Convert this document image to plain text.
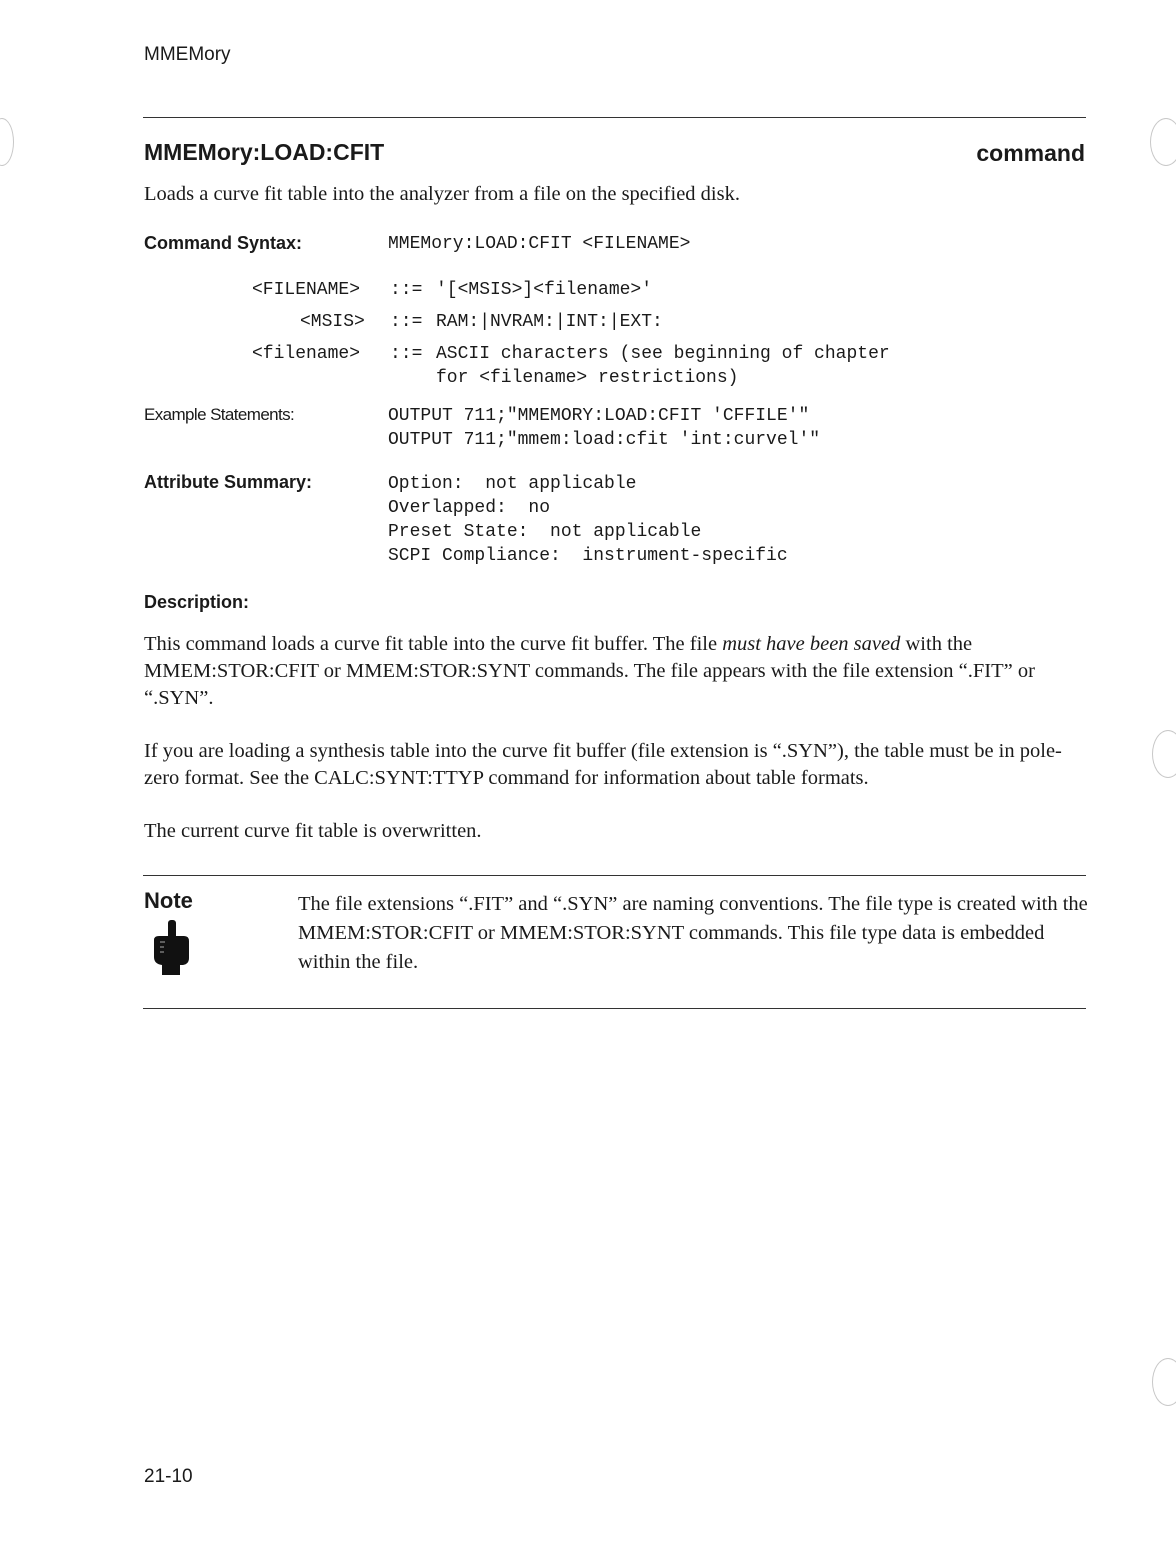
MMEMory
MMEMory:LOAD:CFIT	command
Loads a curve fit table into the analyzer from a file on the specified disk.
Command Syntax:	MMEMory:LOAD:CFIT <FILENAME>
<FILENAME> ::= '[<MSIS>]<filename>'
<MSIS> ::= RAM:|NVRAM:|INT:|EXT:
<filename> ::= ASCII characters (see beginning of chapter
for <filename> restrictions)
Example Statements:	OUTPUT 711;"MMEMORY:LOAD:CFIT 'CFFILE'"
OUTPUT 711;"mmem:load:cfit 'int:curvel'"
Attribute Summary:	Option:  not applicable
Overlapped:  no
Preset State:  not applicable
SCPI Compliance:  instrument-specific
Description:
This command loads a curve fit table into the curve fit buffer. The file must have been saved with the MMEM:STOR:CFIT or MMEM:STOR:SYNT commands. The file appears with the file extension “.FIT” or “.SYN”.
If you are loading a synthesis table into the curve fit buffer (file extension is “.SYN”), the table must be in pole-zero format. See the CALC:SYNT:TTYP command for information about table formats.
The current curve fit table is overwritten.
Note	The file extensions “.FIT” and “.SYN” are naming conventions. The file type is created with the MMEM:STOR:CFIT or MMEM:STOR:SYNT commands. This file type data is embedded within the file.
21-10
